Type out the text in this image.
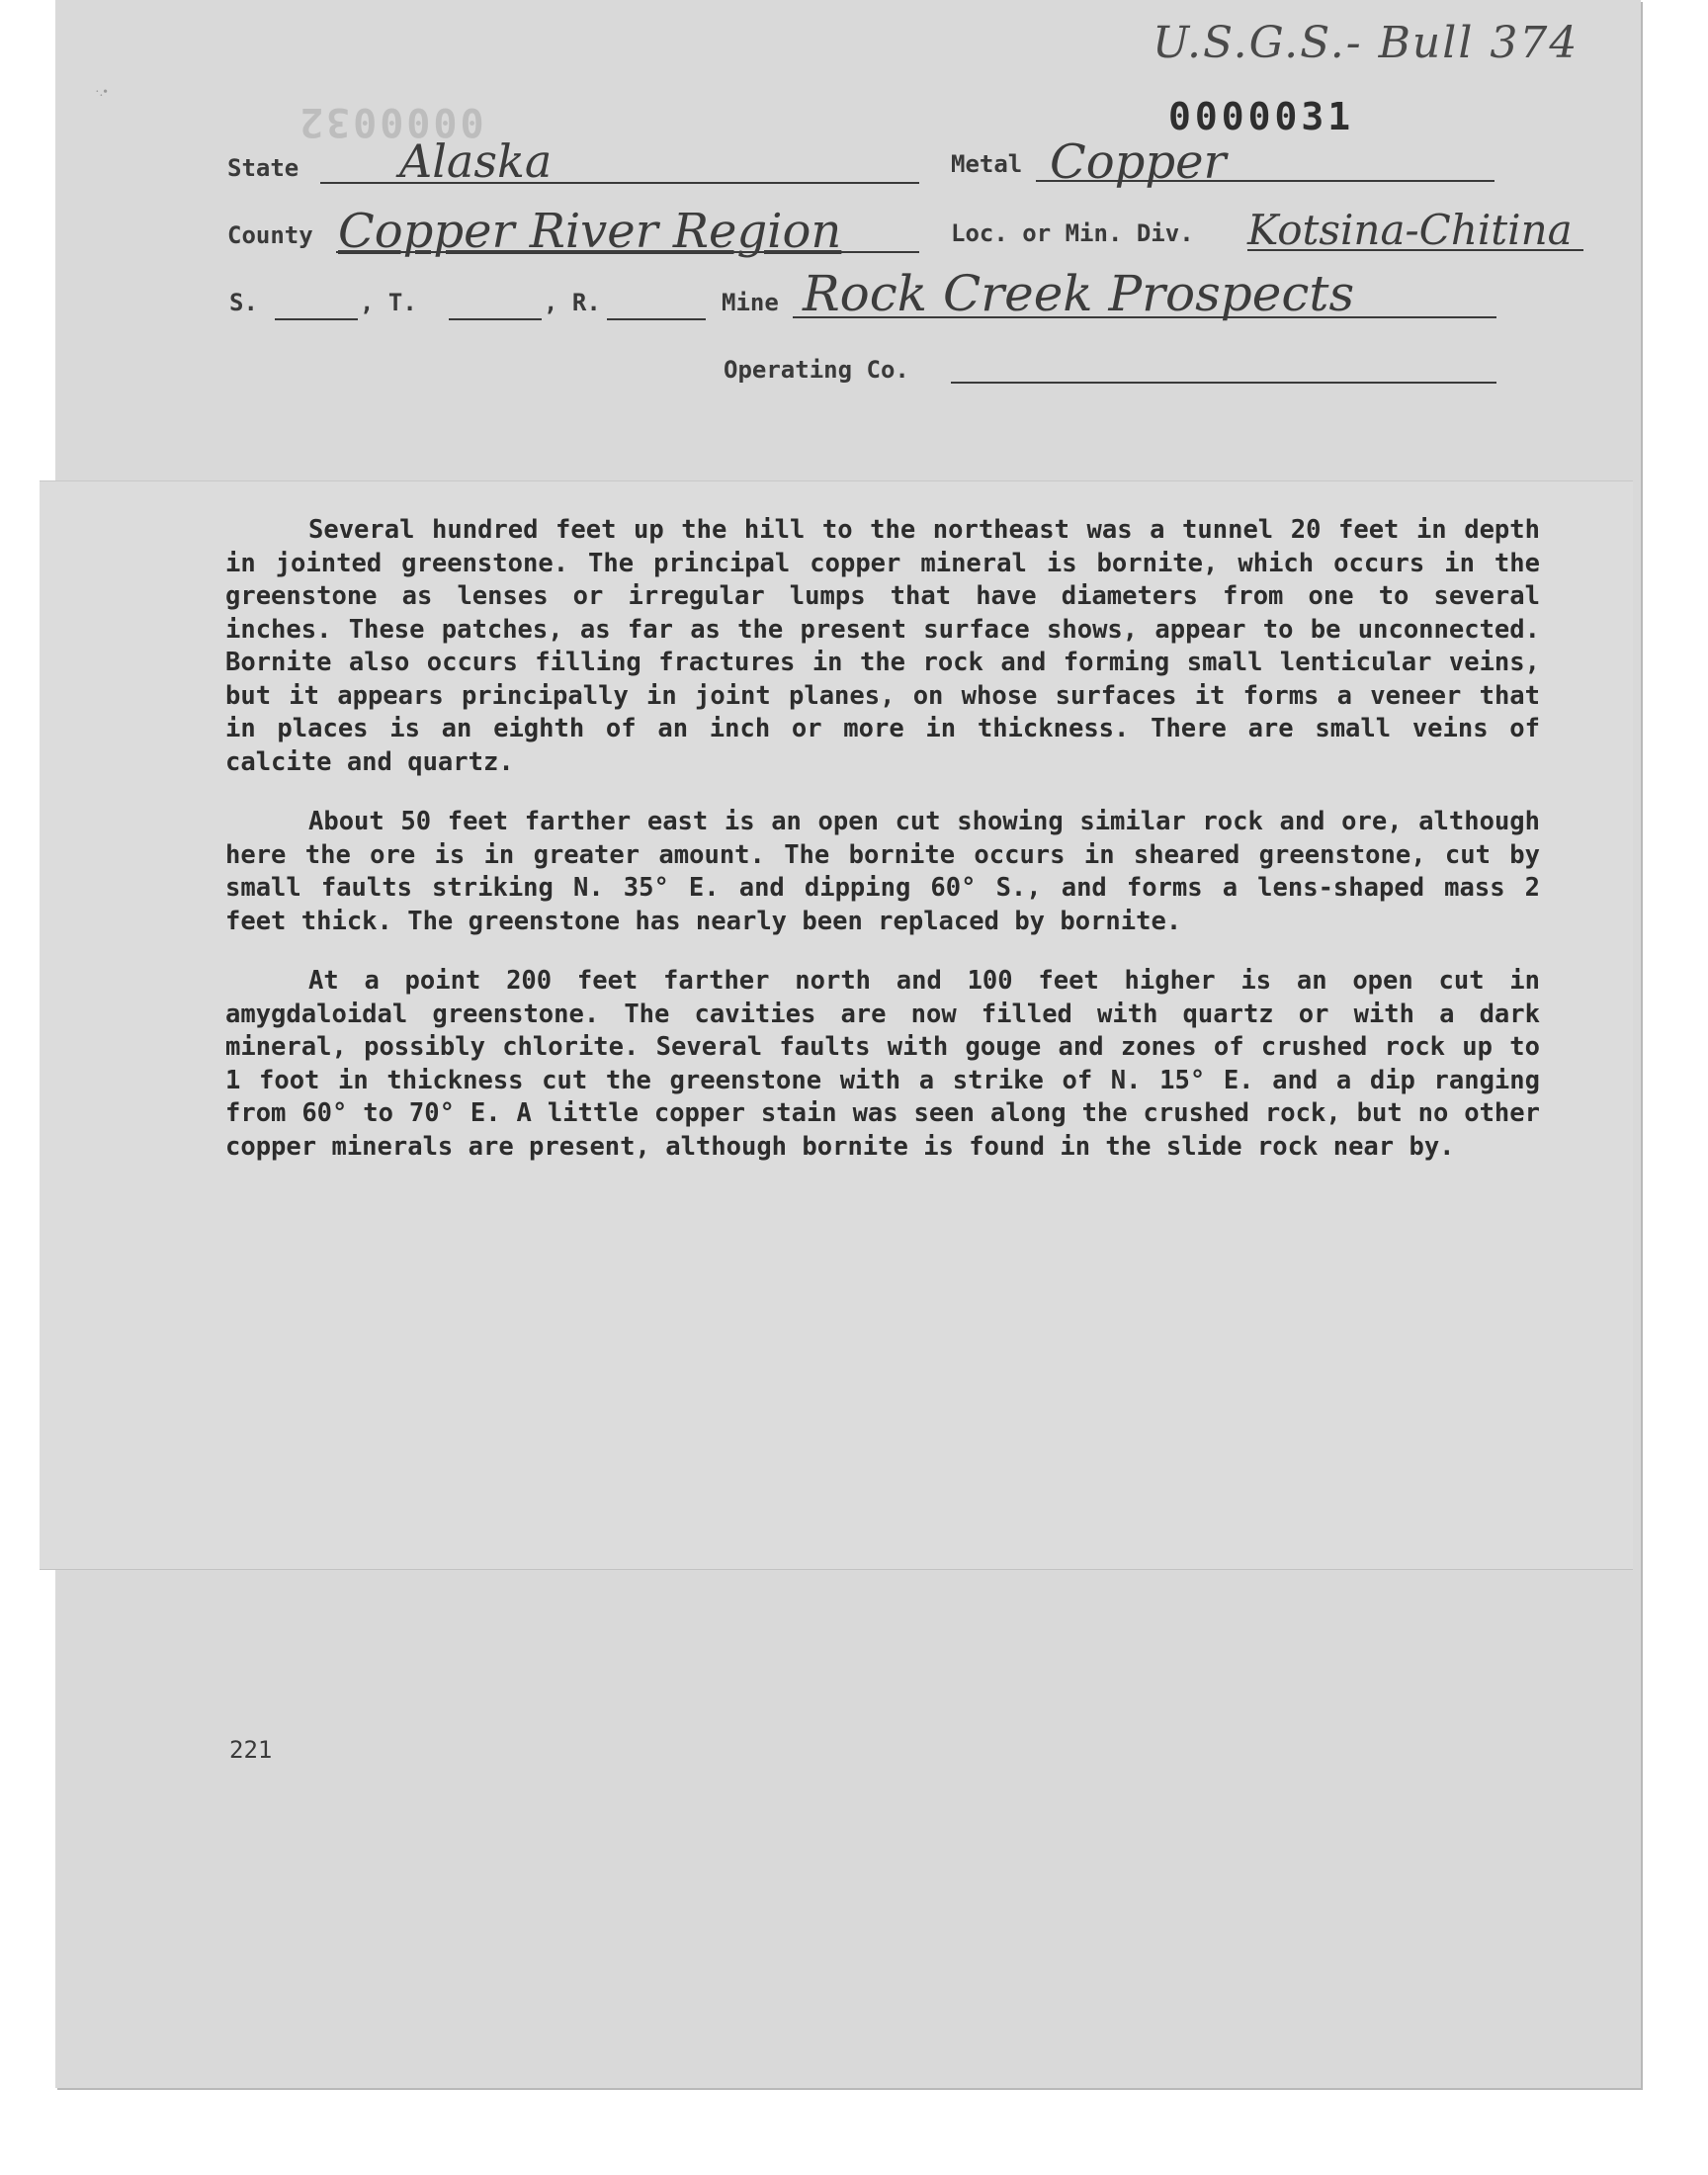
·.•
U.S.G.S.- Bull 374
0000031
0000032
State Alaska	Metal Copper
County Copper River Region	Loc. or Min. Div. Kotsina-Chitina
S.	, T.	, R.	Mine Rock Creek Prospects
Operating Co.

Several hundred feet up the hill to the northeast was a tunnel 20 feet in depth in jointed greenstone. The principal copper mineral is bornite, which occurs in the greenstone as lenses or irregular lumps that have diameters from one to several inches. These patches, as far as the present surface shows, appear to be unconnected. Bornite also occurs filling fractures in the rock and forming small lenticular veins, but it appears principally in joint planes, on whose surfaces it forms a veneer that in places is an eighth of an inch or more in thickness. There are small veins of calcite and quartz.

About 50 feet farther east is an open cut showing similar rock and ore, although here the ore is in greater amount. The bornite occurs in sheared greenstone, cut by small faults striking N. 35° E. and dipping 60° S., and forms a lens-shaped mass 2 feet thick. The greenstone has nearly been replaced by bornite.

At a point 200 feet farther north and 100 feet higher is an open cut in amygdaloidal greenstone. The cavities are now filled with quartz or with a dark mineral, possibly chlorite. Several faults with gouge and zones of crushed rock up to 1 foot in thickness cut the greenstone with a strike of N. 15° E. and a dip ranging from 60° to 70° E. A little copper stain was seen along the crushed rock, but no other copper minerals are present, although bornite is found in the slide rock near by.

221
